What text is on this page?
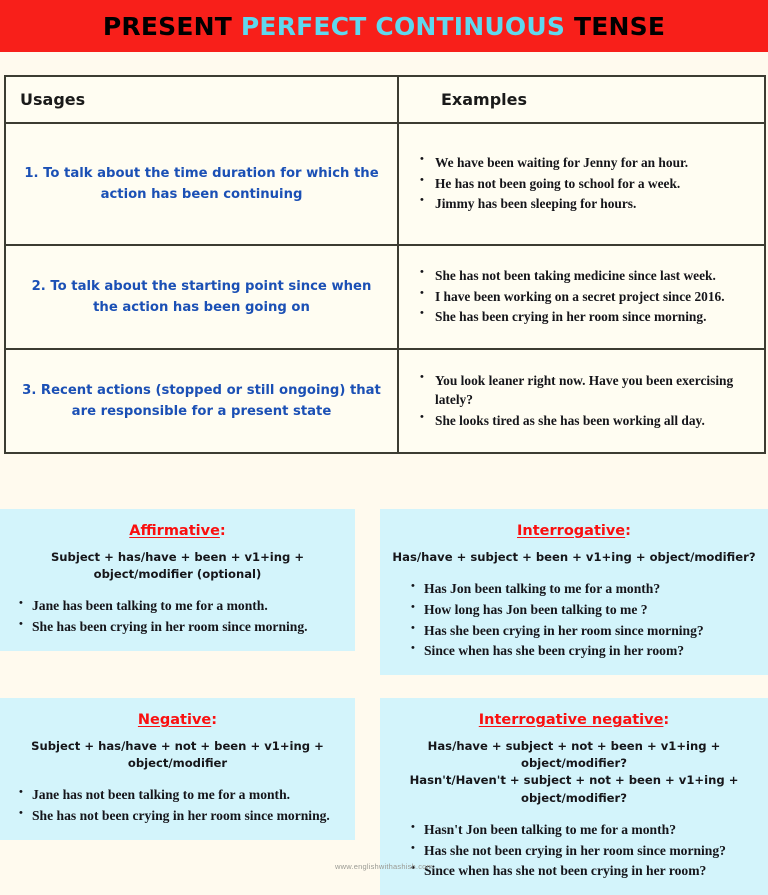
PRESENT PERFECT CONTINUOUS TENSE
Usages	Examples
1. To talk about the time duration for which the action has been continuing	
• We have been waiting for Jenny for an hour.
• He has not been going to school for a week.
• Jimmy has been sleeping for hours.

2. To talk about the starting point since when the action has been going on	
• She has not been taking medicine since last week.
• I have been working on a secret project since 2016.
• She has been crying in her room since morning.

3. Recent actions (stopped or still ongoing) that are responsible for a present state	
• You look leaner right now. Have you been exercising lately?
• She looks tired as she has been working all day.
Affirmative:
Subject + has/have + been + v1+ing + object/modifier (optional)
• Jane has been talking to me for a month.
• She has been crying in her room since morning.
Interrogative:
Has/have + subject + been + v1+ing + object/modifier?
• Has Jon been talking to me for a month?
• How long has Jon been talking to me ?
• Has she been crying in her room since morning?
• Since when has she been crying in her room?
Negative:
Subject + has/have + not + been + v1+ing + object/modifier
• Jane has not been talking to me for a month.
• She has not been crying in her room since morning.
Interrogative negative:
Has/have + subject + not + been + v1+ing + object/modifier?
Hasn't/Haven't + subject + not + been + v1+ing + object/modifier?
• Hasn't Jon been talking to me for a month?
• Has she not been crying in her room since morning?
• Since when has she not been crying in her room?
www.englishwithashish.com
